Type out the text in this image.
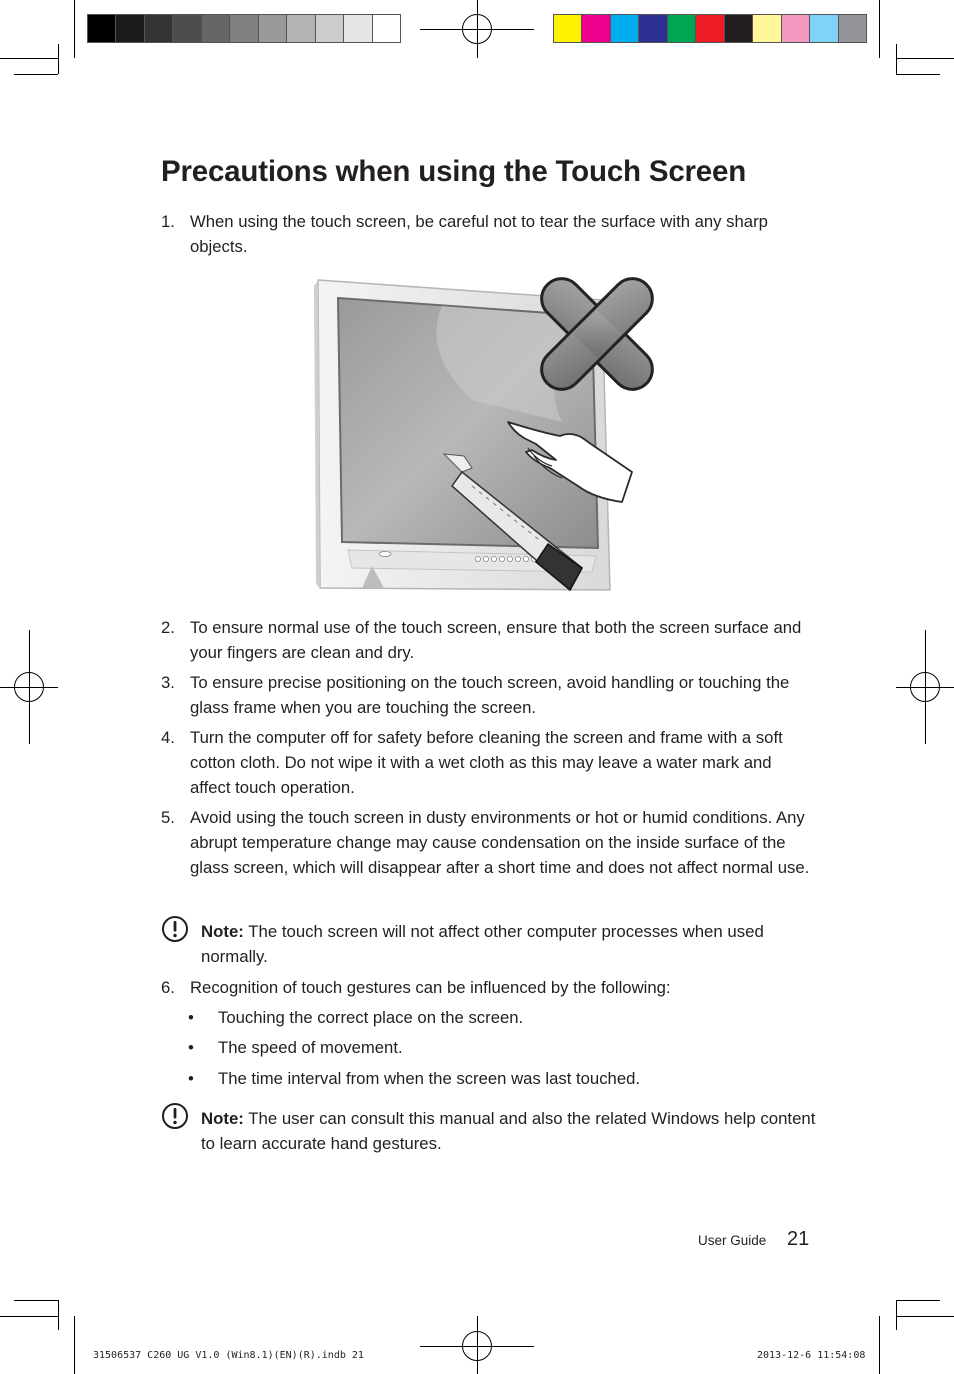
Precautions when using the Touch Screen
1. When using the touch screen, be careful not to tear the surface with any sharp objects.
2. To ensure normal use of the touch screen, ensure that both the screen surface and your fingers are clean and dry.
3. To ensure precise positioning on the touch screen, avoid handling or touching the glass frame when you are touching the screen.
4. Turn the computer off for safety before cleaning the screen and frame with a soft cotton cloth. Do not wipe it with a wet cloth as this may leave a water mark and affect touch operation.
5. Avoid using the touch screen in dusty environments or hot or humid conditions. Any abrupt temperature change may cause condensation on the inside surface of the glass screen, which will disappear after a short time and does not affect normal use.
Note: The touch screen will not affect other computer processes when used normally.
6. Recognition of touch gestures can be influenced by the following:
• Touching the correct place on the screen.
• The speed of movement.
• The time interval from when the screen was last touched.
Note: The user can consult this manual and also the related Windows help content to learn accurate hand gestures.
User Guide 21
31506537 C260 UG V1.0 (Win8.1)(EN)(R).indb 21	2013-12-6 11:54:08
